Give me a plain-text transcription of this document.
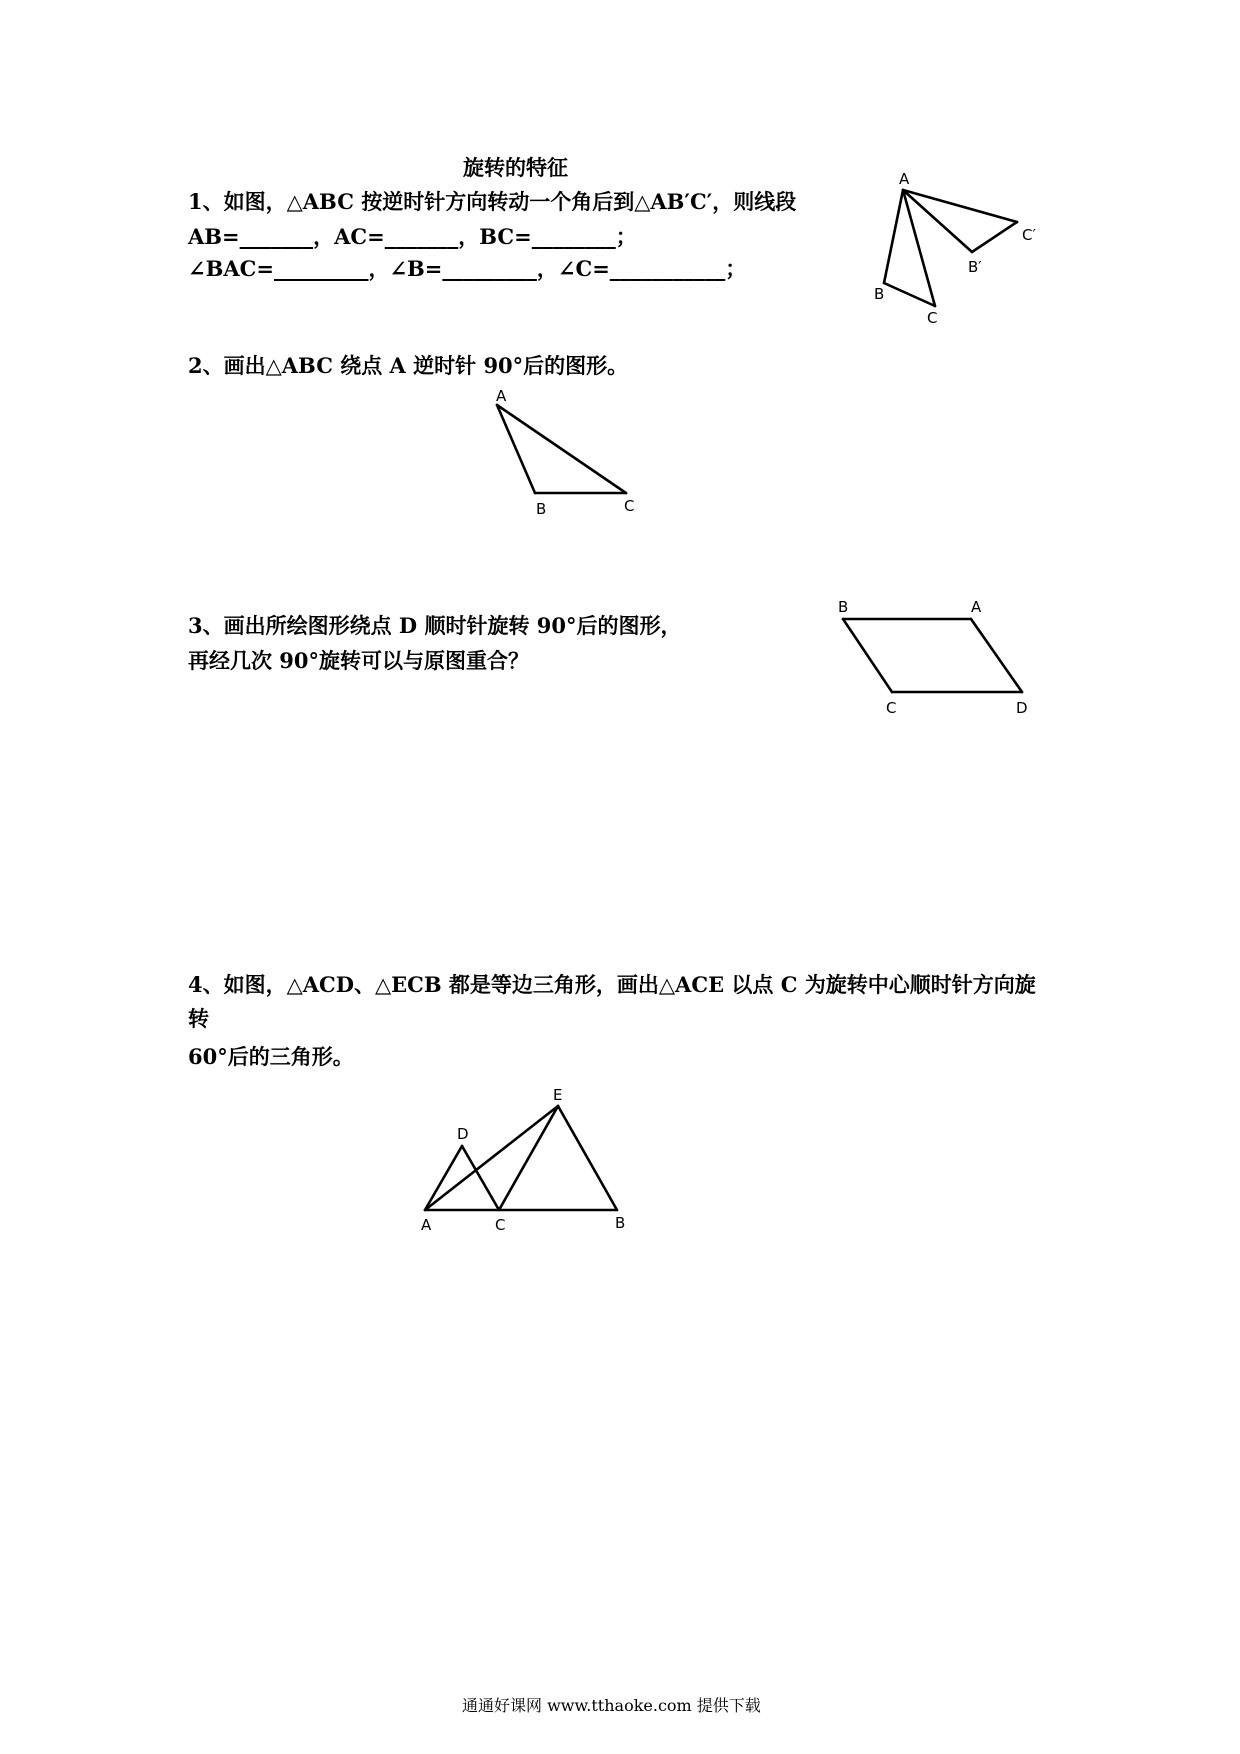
旋转的特征

1、如图，△ABC 按逆时针方向转动一个角后到△AB′C′，则线段

AB=_______，AC=_______，BC=________；

∠BAC=_________，∠B=_________，∠C=___________；

2、画出△ABC 绕点 A 逆时针 90°后的图形。

3、画出所绘图形绕点 D 顺时针旋转 90°后的图形，

再经几次 90°旋转可以与原图重合？

4、如图，△ACD、△ECB 都是等边三角形，画出△ACE 以点 C 为旋转中心顺时针方向旋

转

60°后的三角形。

通通好课网 www.tthaoke.com 提供下载

A
B
C
B′
C′
A
B	C
B	A
C	D
D
E
A	C	B
